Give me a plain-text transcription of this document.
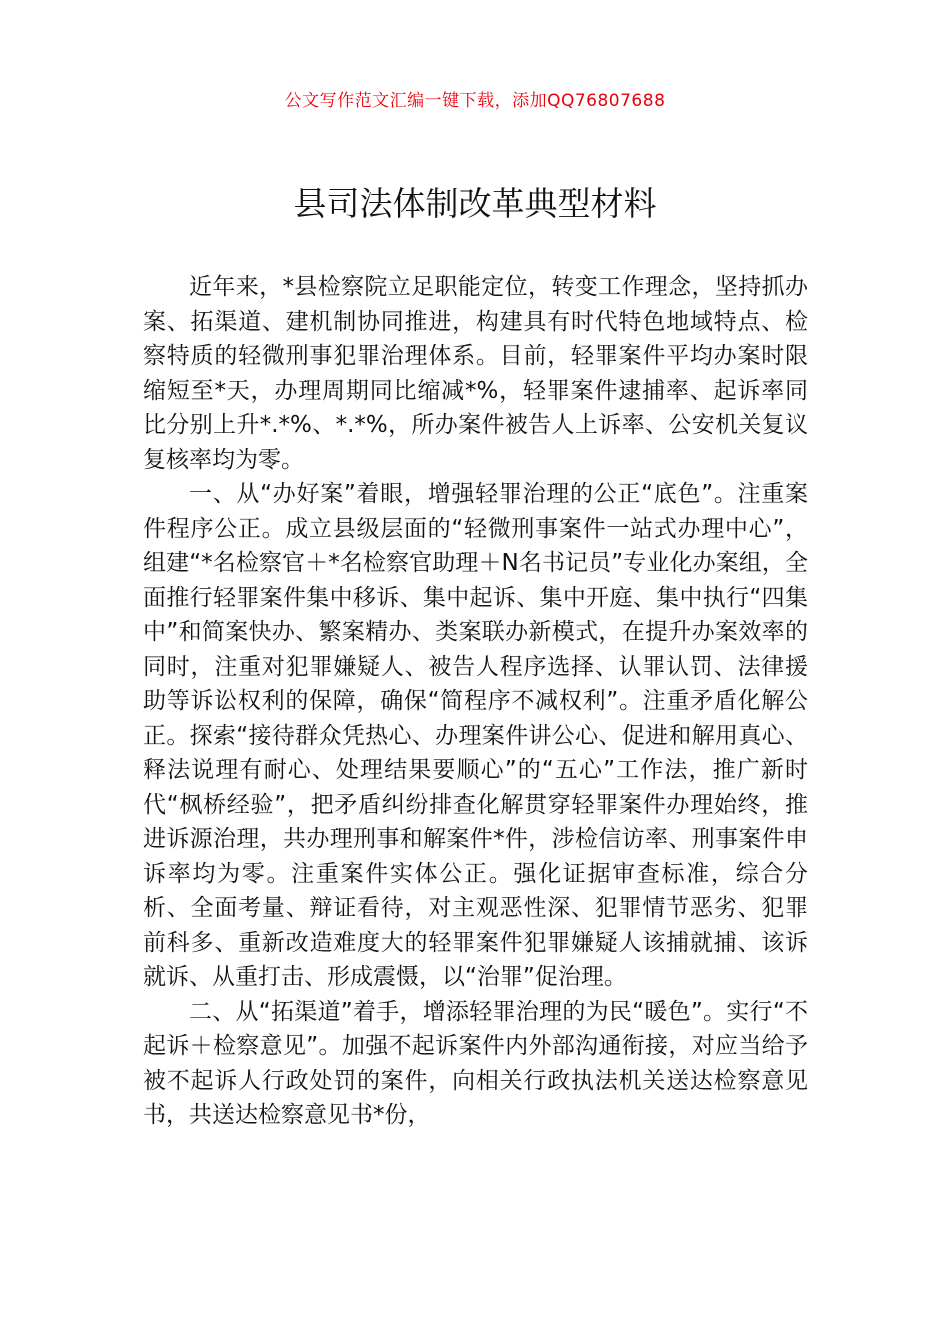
公文写作范文汇编一键下载，添加QQ76807688
县司法体制改革典型材料

近年来，*县检察院立足职能定位，转变工作理念，坚持抓办案、拓渠道、建机制协同推进，构建具有时代特色地域特点、检察特质的轻微刑事犯罪治理体系。目前，轻罪案件平均办案时限缩短至*天，办理周期同比缩减*%，轻罪案件逮捕率、起诉率同比分别上升*.*%、*.*%，所办案件被告人上诉率、公安机关复议复核率均为零。

一、从“办好案”着眼，增强轻罪治理的公正“底色”。注重案件程序公正。成立县级层面的“轻微刑事案件一站式办理中心”，组建“*名检察官＋*名检察官助理＋N名书记员”专业化办案组，全面推行轻罪案件集中移诉、集中起诉、集中开庭、集中执行“四集中”和简案快办、繁案精办、类案联办新模式，在提升办案效率的同时，注重对犯罪嫌疑人、被告人程序选择、认罪认罚、法律援助等诉讼权利的保障，确保“简程序不减权利”。注重矛盾化解公正。探索“接待群众凭热心、办理案件讲公心、促进和解用真心、释法说理有耐心、处理结果要顺心”的“五心”工作法，推广新时代“枫桥经验”，把矛盾纠纷排查化解贯穿轻罪案件办理始终，推进诉源治理，共办理刑事和解案件*件，涉检信访率、刑事案件申诉率均为零。注重案件实体公正。强化证据审查标准，综合分析、全面考量、辩证看待，对主观恶性深、犯罪情节恶劣、犯罪前科多、重新改造难度大的轻罪案件犯罪嫌疑人该捕就捕、该诉就诉、从重打击、形成震慑，以“治罪”促治理。

二、从“拓渠道”着手，增添轻罪治理的为民“暖色”。实行“不起诉＋检察意见”。加强不起诉案件内外部沟通衔接，对应当给予被不起诉人行政处罚的案件，向相关行政执法机关送达检察意见书，共送达检察意见书*份，
